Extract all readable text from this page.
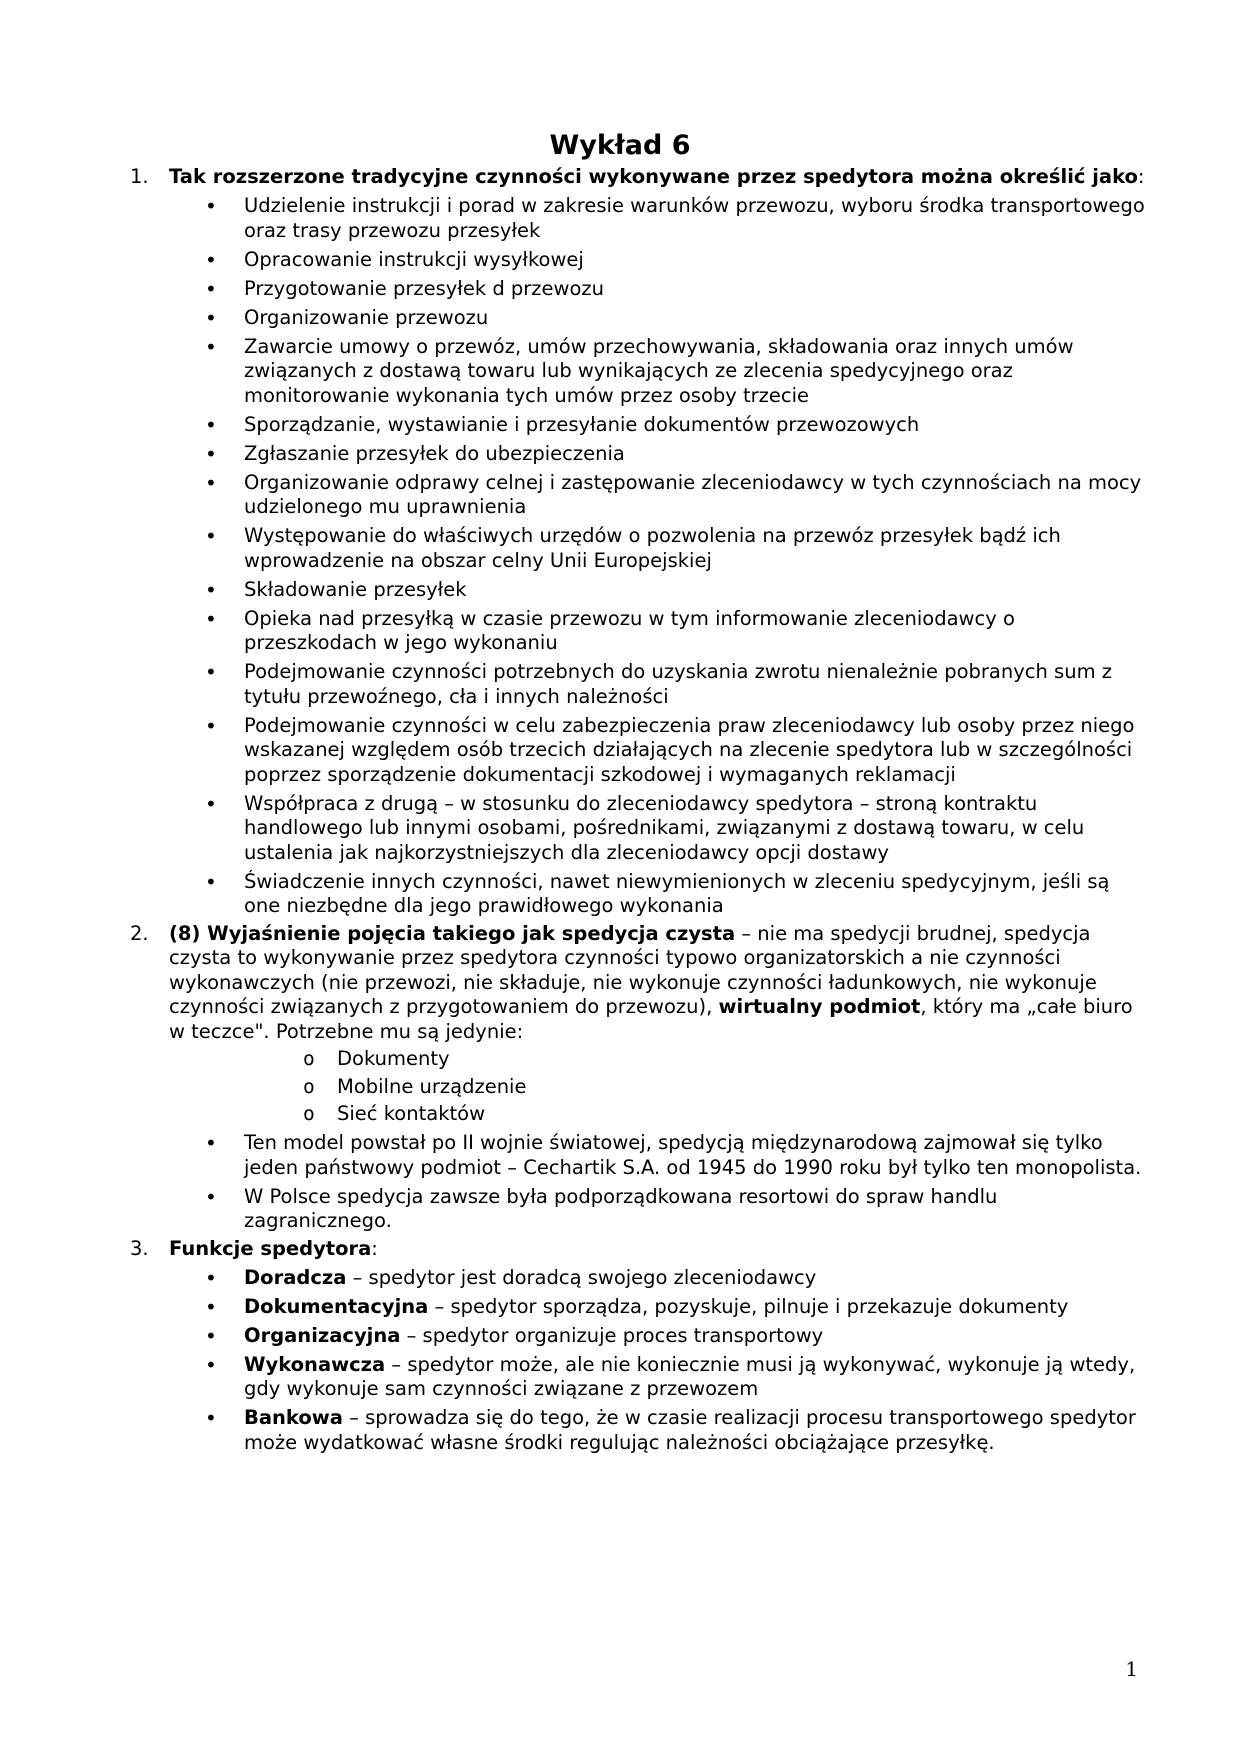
Wykład 6
1. Tak rozszerzone tradycyjne czynności wykonywane przez spedytora można określić jako:

• Udzielenie instrukcji i porad w zakresie warunków przewozu, wyboru środka transportowego oraz trasy przewozu przesyłek
• Opracowanie instrukcji wysyłkowej
• Przygotowanie przesyłek d przewozu
• Organizowanie przewozu
• Zawarcie umowy o przewóz, umów przechowywania, składowania oraz innych umów związanych z dostawą towaru lub wynikających ze zlecenia spedycyjnego oraz monitorowanie wykonania tych umów przez osoby trzecie
• Sporządzanie, wystawianie i przesyłanie dokumentów przewozowych
• Zgłaszanie przesyłek do ubezpieczenia
• Organizowanie odprawy celnej i zastępowanie zleceniodawcy w tych czynnościach na mocy udzielonego mu uprawnienia
• Występowanie do właściwych urzędów o pozwolenia na przewóz przesyłek bądź ich wprowadzenie na obszar celny Unii Europejskiej
• Składowanie przesyłek
• Opieka nad przesyłką w czasie przewozu w tym informowanie zleceniodawcy o przeszkodach w jego wykonaniu
• Podejmowanie czynności potrzebnych do uzyskania zwrotu nienależnie pobranych sum z tytułu przewoźnego, cła i innych należności
• Podejmowanie czynności w celu zabezpieczenia praw zleceniodawcy lub osoby przez niego wskazanej względem osób trzecich działających na zlecenie spedytora lub w szczególności poprzez sporządzenie dokumentacji szkodowej i wymaganych reklamacji
• Współpraca z drugą – w stosunku do zleceniodawcy spedytora – stroną kontraktu handlowego lub innymi osobami, pośrednikami, związanymi z dostawą towaru, w celu ustalenia jak najkorzystniejszych dla zleceniodawcy opcji dostawy
• Świadczenie innych czynności, nawet niewymienionych w zleceniu spedycyjnym, jeśli są one niezbędne dla jego prawidłowego wykonania
2. (8) Wyjaśnienie pojęcia takiego jak spedycja czysta – nie ma spedycji brudnej, spedycja czysta to wykonywanie przez spedytora czynności typowo organizatorskich a nie czynności wykonawczych (nie przewozi, nie składuje, nie wykonuje czynności ładunkowych, nie wykonuje czynności związanych z przygotowaniem do przewozu), wirtualny podmiot, który ma „całe biuro w teczce". Potrzebne mu są jedynie:

o Dokumenty
o Mobilne urządzenie
o Sieć kontaktów
• Ten model powstał po II wojnie światowej, spedycją międzynarodową zajmował się tylko jeden państwowy podmiot – Cechartik S.A. od 1945 do 1990 roku był tylko ten monopolista.
• W Polsce spedycja zawsze była podporządkowana resortowi do spraw handlu zagranicznego.
3. Funkcje spedytora:

• Doradcza – spedytor jest doradcą swojego zleceniodawcy
• Dokumentacyjna – spedytor sporządza, pozyskuje, pilnuje i przekazuje dokumenty
• Organizacyjna – spedytor organizuje proces transportowy
• Wykonawcza – spedytor może, ale nie koniecznie musi ją wykonywać, wykonuje ją wtedy, gdy wykonuje sam czynności związane z przewozem
• Bankowa – sprowadza się do tego, że w czasie realizacji procesu transportowego spedytor może wydatkować własne środki regulując należności obciążające przesyłkę.
1
